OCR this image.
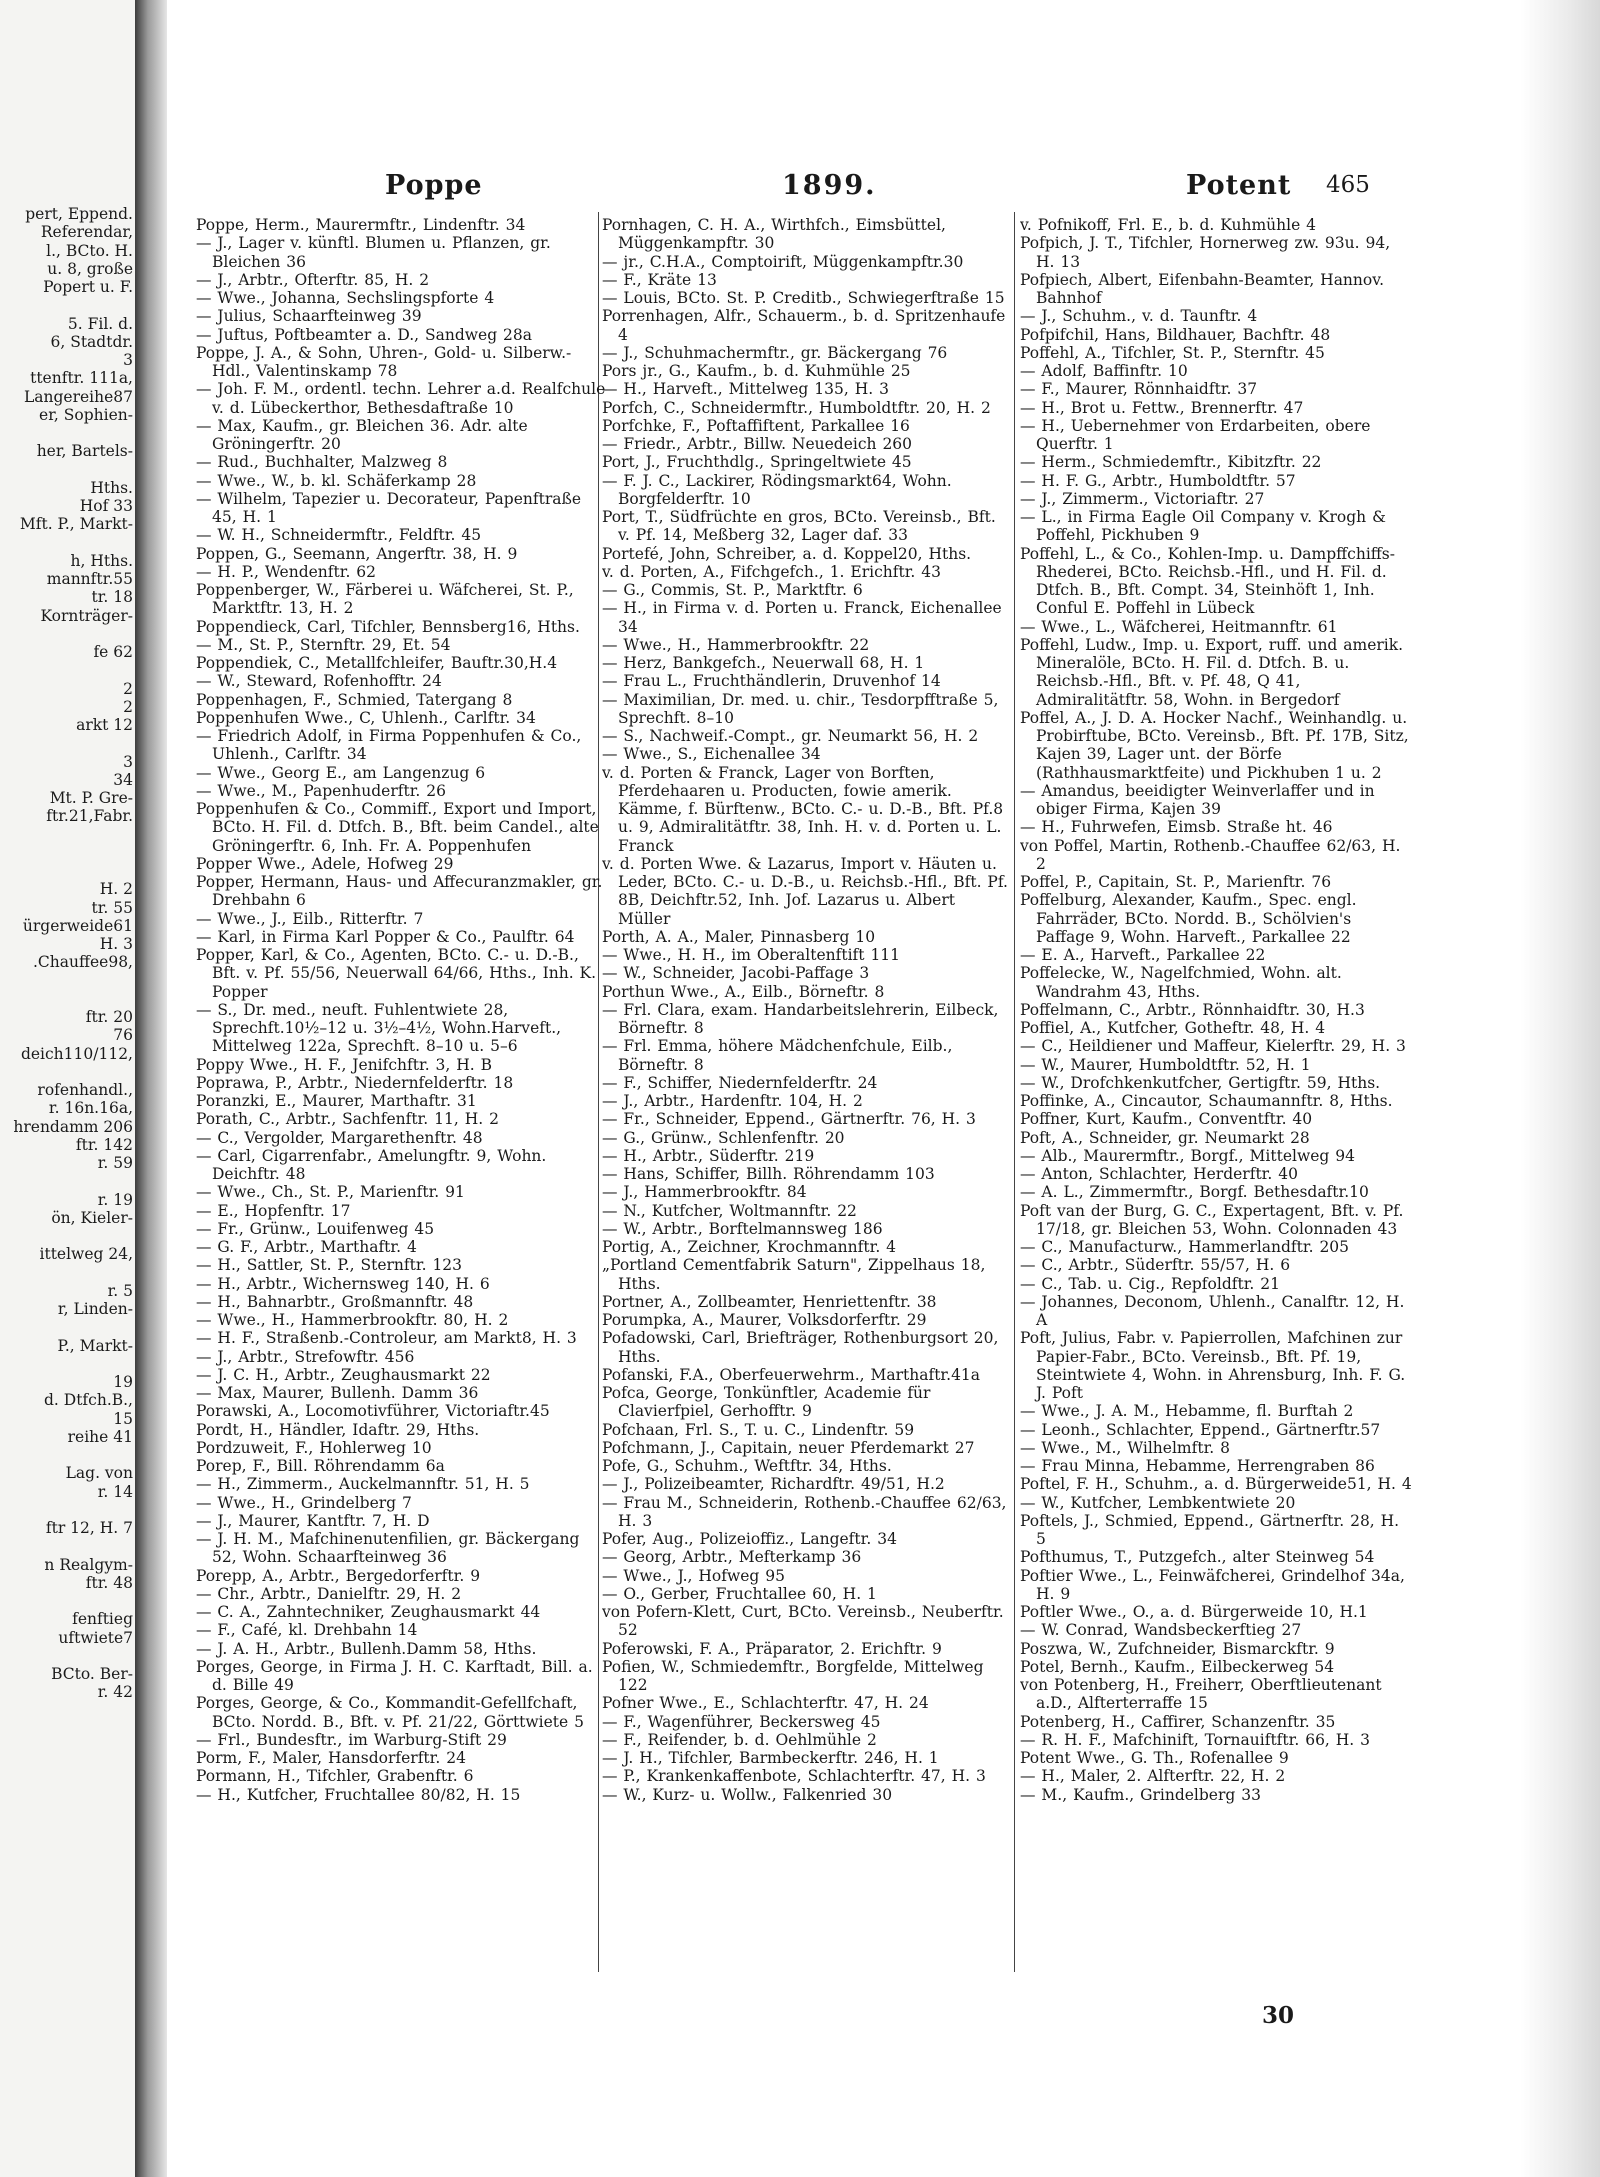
pert, Eppend.
Referendar,
l., BCto. H.
u. 8, große
Popert u. F.
5. Fil. d.
6, Stadtdr.
3
ttenftr. 111a,
Langereihe87
er, Sophien-
her, Bartels-
Hths.
Hof 33
Mft. P., Markt-
h, Hths.
mannftr.55
tr. 18
Kornträger-
fe 62
2
2
arkt 12
3
34
Mt. P. Gre-
ftr.21,Fabr.
H. 2
tr. 55
ürgerweide61
H. 3
.Chauffee98,
ftr. 20
76
deich110/112,
rofenhandl.,
r. 16n.16a,
hrendamm 206
ftr. 142
r. 59
r. 19
ön, Kieler-
ittelweg 24,
r. 5
r, Linden-
P., Markt-
19
d. Dtfch.B.,
15
reihe 41
Lag. von
r. 14
ftr 12, H. 7
n Realgym-
ftr. 48
fenftieg
uftwiete7
BCto. Ber-
r. 42
Poppe	1899.	Potent 465
Poppe, Herm., Maurermftr., Lindenftr. 34
— J., Lager v. künftl. Blumen u. Pflanzen, gr. Bleichen 36
— J., Arbtr., Ofterftr. 85, H. 2
— Wwe., Johanna, Sechslingspforte 4
— Julius, Schaarfteinweg 39
— Juftus, Poftbeamter a. D., Sandweg 28a
Poppe, J. A., & Sohn, Uhren-, Gold- u. Silberw.-Hdl., Valentinskamp 78
— Joh. F. M., ordentl. techn. Lehrer a.d. Realfchule v. d. Lübeckerthor, Bethesdaftraße 10
— Max, Kaufm., gr. Bleichen 36. Adr. alte Gröningerftr. 20
— Rud., Buchhalter, Malzweg 8
— Wwe., W., b. kl. Schäferkamp 28
— Wilhelm, Tapezier u. Decorateur, Papenftraße 45, H. 1
— W. H., Schneidermftr., Feldftr. 45
Poppen, G., Seemann, Angerftr. 38, H. 9
— H. P., Wendenftr. 62
Poppenberger, W., Färberei u. Wäfcherei, St. P., Marktftr. 13, H. 2
Poppendieck, Carl, Tifchler, Bennsberg16, Hths.
— M., St. P., Sternftr. 29, Et. 54
Poppendiek, C., Metallfchleifer, Bauftr.30,H.4
— W., Steward, Rofenhofftr. 24
Poppenhagen, F., Schmied, Tatergang 8
Poppenhufen Wwe., C, Uhlenh., Carlftr. 34
— Friedrich Adolf, in Firma Poppenhufen & Co., Uhlenh., Carlftr. 34
— Wwe., Georg E., am Langenzug 6
— Wwe., M., Papenhuderftr. 26
Poppenhufen & Co., Commiff., Export und Import, BCto. H. Fil. d. Dtfch. B., Bft. beim Candel., alte Gröningerftr. 6, Inh. Fr. A. Poppenhufen
Popper Wwe., Adele, Hofweg 29
Popper, Hermann, Haus- und Affecuranzmakler, gr. Drehbahn 6
— Wwe., J., Eilb., Ritterftr. 7
— Karl, in Firma Karl Popper & Co., Paulftr. 64
Popper, Karl, & Co., Agenten, BCto. C.- u. D.-B., Bft. v. Pf. 55/56, Neuerwall 64/66, Hths., Inh. K. Popper
— S., Dr. med., neuft. Fuhlentwiete 28, Sprechft.10½–12 u. 3½–4½, Wohn.Harveft., Mittelweg 122a, Sprechft. 8–10 u. 5–6
Poppy Wwe., H. F., Jenifchftr. 3, H. B
Poprawa, P., Arbtr., Niedernfelderftr. 18
Poranzki, E., Maurer, Marthaftr. 31
Porath, C., Arbtr., Sachfenftr. 11, H. 2
— C., Vergolder, Margarethenftr. 48
— Carl, Cigarrenfabr., Amelungftr. 9, Wohn. Deichftr. 48
— Wwe., Ch., St. P., Marienftr. 91
— E., Hopfenftr. 17
— Fr., Grünw., Louifenweg 45
— G. F., Arbtr., Marthaftr. 4
— H., Sattler, St. P., Sternftr. 123
— H., Arbtr., Wichernsweg 140, H. 6
— H., Bahnarbtr., Großmannftr. 48
— Wwe., H., Hammerbrookftr. 80, H. 2
— H. F., Straßenb.-Controleur, am Markt8, H. 3
— J., Arbtr., Strefowftr. 456
— J. C. H., Arbtr., Zeughausmarkt 22
— Max, Maurer, Bullenh. Damm 36
Porawski, A., Locomotivführer, Victoriaftr.45
Pordt, H., Händler, Idaftr. 29, Hths.
Pordzuweit, F., Hohlerweg 10
Porep, F., Bill. Röhrendamm 6a
— H., Zimmerm., Auckelmannftr. 51, H. 5
— Wwe., H., Grindelberg 7
— J., Maurer, Kantftr. 7, H. D
— J. H. M., Mafchinenutenfilien, gr. Bäckergang 52, Wohn. Schaarfteinweg 36
Porepp, A., Arbtr., Bergedorferftr. 9
— Chr., Arbtr., Danielftr. 29, H. 2
— C. A., Zahntechniker, Zeughausmarkt 44
— F., Café, kl. Drehbahn 14
— J. A. H., Arbtr., Bullenh.Damm 58, Hths.
Porges, George, in Firma J. H. C. Karftadt, Bill. a. d. Bille 49
Porges, George, & Co., Kommandit-Gefellfchaft, BCto. Nordd. B., Bft. v. Pf. 21/22, Görttwiete 5
— Frl., Bundesftr., im Warburg-Stift 29
Porm, F., Maler, Hansdorferftr. 24
Pormann, H., Tifchler, Grabenftr. 6
— H., Kutfcher, Fruchtallee 80/82, H. 15
Pornhagen, C. H. A., Wirthfch., Eimsbüttel, Müggenkampftr. 30
— jr., C.H.A., Comptoirift, Müggenkampftr.30
— F., Kräte 13
— Louis, BCto. St. P. Creditb., Schwiegerftraße 15
Porrenhagen, Alfr., Schauerm., b. d. Spritzenhaufe 4
— J., Schuhmachermftr., gr. Bäckergang 76
Pors jr., G., Kaufm., b. d. Kuhmühle 25
— H., Harveft., Mittelweg 135, H. 3
Porfch, C., Schneidermftr., Humboldtftr. 20, H. 2
Porfchke, F., Poftaffiftent, Parkallee 16
— Friedr., Arbtr., Billw. Neuedeich 260
Port, J., Fruchthdlg., Springeltwiete 45
— F. J. C., Lackirer, Rödingsmarkt64, Wohn. Borgfelderftr. 10
Port, T., Südfrüchte en gros, BCto. Vereinsb., Bft. v. Pf. 14, Meßberg 32, Lager daf. 33
Portefé, John, Schreiber, a. d. Koppel20, Hths.
v. d. Porten, A., Fifchgefch., 1. Erichftr. 43
— G., Commis, St. P., Marktftr. 6
— H., in Firma v. d. Porten u. Franck, Eichenallee 34
— Wwe., H., Hammerbrookftr. 22
— Herz, Bankgefch., Neuerwall 68, H. 1
— Frau L., Fruchthändlerin, Druvenhof 14
— Maximilian, Dr. med. u. chir., Tesdorpfftraße 5, Sprechft. 8–10
— S., Nachweif.-Compt., gr. Neumarkt 56, H. 2
— Wwe., S., Eichenallee 34
v. d. Porten & Franck, Lager von Borften, Pferdehaaren u. Producten, fowie amerik. Kämme, f. Bürftenw., BCto. C.- u. D.-B., Bft. Pf.8 u. 9, Admiralitätftr. 38, Inh. H. v. d. Porten u. L. Franck
v. d. Porten Wwe. & Lazarus, Import v. Häuten u. Leder, BCto. C.- u. D.-B., u. Reichsb.-Hfl., Bft. Pf. 8B, Deichftr.52, Inh. Jof. Lazarus u. Albert Müller
Porth, A. A., Maler, Pinnasberg 10
— Wwe., H. H., im Oberaltenftift 111
— W., Schneider, Jacobi-Paffage 3
Porthun Wwe., A., Eilb., Börneftr. 8
— Frl. Clara, exam. Handarbeitslehrerin, Eilbeck, Börneftr. 8
— Frl. Emma, höhere Mädchenfchule, Eilb., Börneftr. 8
— F., Schiffer, Niedernfelderftr. 24
— J., Arbtr., Hardenftr. 104, H. 2
— Fr., Schneider, Eppend., Gärtnerftr. 76, H. 3
— G., Grünw., Schlenfenftr. 20
— H., Arbtr., Süderftr. 219
— Hans, Schiffer, Billh. Röhrendamm 103
— J., Hammerbrookftr. 84
— N., Kutfcher, Woltmannftr. 22
— W., Arbtr., Borftelmannsweg 186
Portig, A., Zeichner, Krochmannftr. 4
„Portland Cementfabrik Saturn", Zippelhaus 18, Hths.
Portner, A., Zollbeamter, Henriettenftr. 38
Porumpka, A., Maurer, Volksdorferftr. 29
Pofadowski, Carl, Briefträger, Rothenburgsort 20, Hths.
Pofanski, F.A., Oberfeuerwehrm., Marthaftr.41a
Pofca, George, Tonkünftler, Academie für Clavierfpiel, Gerhofftr. 9
Pofchaan, Frl. S., T. u. C., Lindenftr. 59
Pofchmann, J., Capitain, neuer Pferdemarkt 27
Pofe, G., Schuhm., Weftftr. 34, Hths.
— J., Polizeibeamter, Richardftr. 49/51, H.2
— Frau M., Schneiderin, Rothenb.-Chauffee 62/63, H. 3
Pofer, Aug., Polizeioffiz., Langeftr. 34
— Georg, Arbtr., Mefterkamp 36
— Wwe., J., Hofweg 95
— O., Gerber, Fruchtallee 60, H. 1
von Pofern-Klett, Curt, BCto. Vereinsb., Neuberftr. 52
Poferowski, F. A., Präparator, 2. Erichftr. 9
Pofien, W., Schmiedemftr., Borgfelde, Mittelweg 122
Pofner Wwe., E., Schlachterftr. 47, H. 24
— F., Wagenführer, Beckersweg 45
— F., Reifender, b. d. Oehlmühle 2
— J. H., Tifchler, Barmbeckerftr. 246, H. 1
— P., Krankenkaffenbote, Schlachterftr. 47, H. 3
— W., Kurz- u. Wollw., Falkenried 30
v. Pofnikoff, Frl. E., b. d. Kuhmühle 4
Pofpich, J. T., Tifchler, Hornerweg zw. 93u. 94, H. 13
Pofpiech, Albert, Eifenbahn-Beamter, Hannov. Bahnhof
— J., Schuhm., v. d. Taunftr. 4
Pofpifchil, Hans, Bildhauer, Bachftr. 48
Poffehl, A., Tifchler, St. P., Sternftr. 45
— Adolf, Baffinftr. 10
— F., Maurer, Rönnhaidftr. 37
— H., Brot u. Fettw., Brennerftr. 47
— H., Uebernehmer von Erdarbeiten, obere Querftr. 1
— Herm., Schmiedemftr., Kibitzftr. 22
— H. F. G., Arbtr., Humboldtftr. 57
— J., Zimmerm., Victoriaftr. 27
— L., in Firma Eagle Oil Company v. Krogh & Poffehl, Pickhuben 9
Poffehl, L., & Co., Kohlen-Imp. u. Dampffchiffs-Rhederei, BCto. Reichsb.-Hfl., und H. Fil. d. Dtfch. B., Bft. Compt. 34, Steinhöft 1, Inh. Conful E. Poffehl in Lübeck
— Wwe., L., Wäfcherei, Heitmannftr. 61
Poffehl, Ludw., Imp. u. Export, ruff. und amerik. Mineralöle, BCto. H. Fil. d. Dtfch. B. u. Reichsb.-Hfl., Bft. v. Pf. 48, Q 41, Admiralitätftr. 58, Wohn. in Bergedorf
Poffel, A., J. D. A. Hocker Nachf., Weinhandlg. u. Probirftube, BCto. Vereinsb., Bft. Pf. 17B, Sitz, Kajen 39, Lager unt. der Börfe (Rathhausmarktfeite) und Pickhuben 1 u. 2
— Amandus, beeidigter Weinverlaffer und in obiger Firma, Kajen 39
— H., Fuhrwefen, Eimsb. Straße ht. 46
von Poffel, Martin, Rothenb.-Chauffee 62/63, H. 2
Poffel, P., Capitain, St. P., Marienftr. 76
Poffelburg, Alexander, Kaufm., Spec. engl. Fahrräder, BCto. Nordd. B., Schölvien's Paffage 9, Wohn. Harveft., Parkallee 22
— E. A., Harveft., Parkallee 22
Poffelecke, W., Nagelfchmied, Wohn. alt. Wandrahm 43, Hths.
Poffelmann, C., Arbtr., Rönnhaidftr. 30, H.3
Poffiel, A., Kutfcher, Gotheftr. 48, H. 4
— C., Heildiener und Maffeur, Kielerftr. 29, H. 3
— W., Maurer, Humboldtftr. 52, H. 1
— W., Drofchkenkutfcher, Gertigftr. 59, Hths.
Poffinke, A., Cincautor, Schaumannftr. 8, Hths.
Poffner, Kurt, Kaufm., Conventftr. 40
Poft, A., Schneider, gr. Neumarkt 28
— Alb., Maurermftr., Borgf., Mittelweg 94
— Anton, Schlachter, Herderftr. 40
— A. L., Zimmermftr., Borgf. Bethesdaftr.10
Poft van der Burg, G. C., Expertagent, Bft. v. Pf. 17/18, gr. Bleichen 53, Wohn. Colonnaden 43
— C., Manufacturw., Hammerlandftr. 205
— C., Arbtr., Süderftr. 55/57, H. 6
— C., Tab. u. Cig., Repfoldftr. 21
— Johannes, Deconom, Uhlenh., Canalftr. 12, H. A
Poft, Julius, Fabr. v. Papierrollen, Mafchinen zur Papier-Fabr., BCto. Vereinsb., Bft. Pf. 19, Steintwiete 4, Wohn. in Ahrensburg, Inh. F. G. J. Poft
— Wwe., J. A. M., Hebamme, fl. Burftah 2
— Leonh., Schlachter, Eppend., Gärtnerftr.57
— Wwe., M., Wilhelmftr. 8
— Frau Minna, Hebamme, Herrengraben 86
Poftel, F. H., Schuhm., a. d. Bürgerweide51, H. 4
— W., Kutfcher, Lembkentwiete 20
Poftels, J., Schmied, Eppend., Gärtnerftr. 28, H. 5
Pofthumus, T., Putzgefch., alter Steinweg 54
Poftier Wwe., L., Feinwäfcherei, Grindelhof 34a, H. 9
Poftler Wwe., O., a. d. Bürgerweide 10, H.1
— W. Conrad, Wandsbeckerftieg 27
Poszwa, W., Zufchneider, Bismarckftr. 9
Potel, Bernh., Kaufm., Eilbeckerweg 54
von Potenberg, H., Freiherr, Oberftlieutenant a.D., Alfterterraffe 15
Potenberg, H., Caffirer, Schanzenftr. 35
— R. H. F., Mafchinift, Tornauiftftr. 66, H. 3
Potent Wwe., G. Th., Rofenallee 9
— H., Maler, 2. Alfterftr. 22, H. 2
— M., Kaufm., Grindelberg 33
30
